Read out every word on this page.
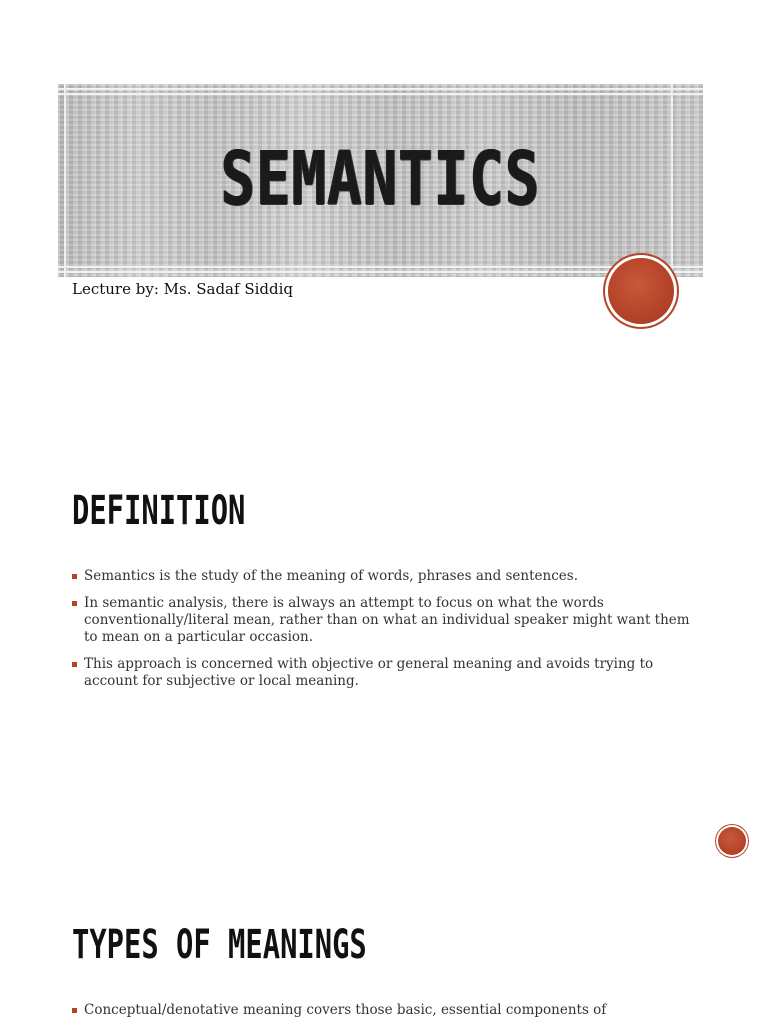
SEMANTICS
Lecture by: Ms. Sadaf Siddiq
DEFINITION
Semantics is the study of the meaning of words, phrases and sentences.
In semantic analysis, there is always an attempt to focus on what the words conventionally/literal mean, rather than on what an individual speaker might want them to mean on a particular occasion.
This approach is concerned with objective or general meaning and avoids trying to account for subjective or local meaning.
TYPES OF MEANINGS
Conceptual/denotative meaning covers those basic, essential components of
